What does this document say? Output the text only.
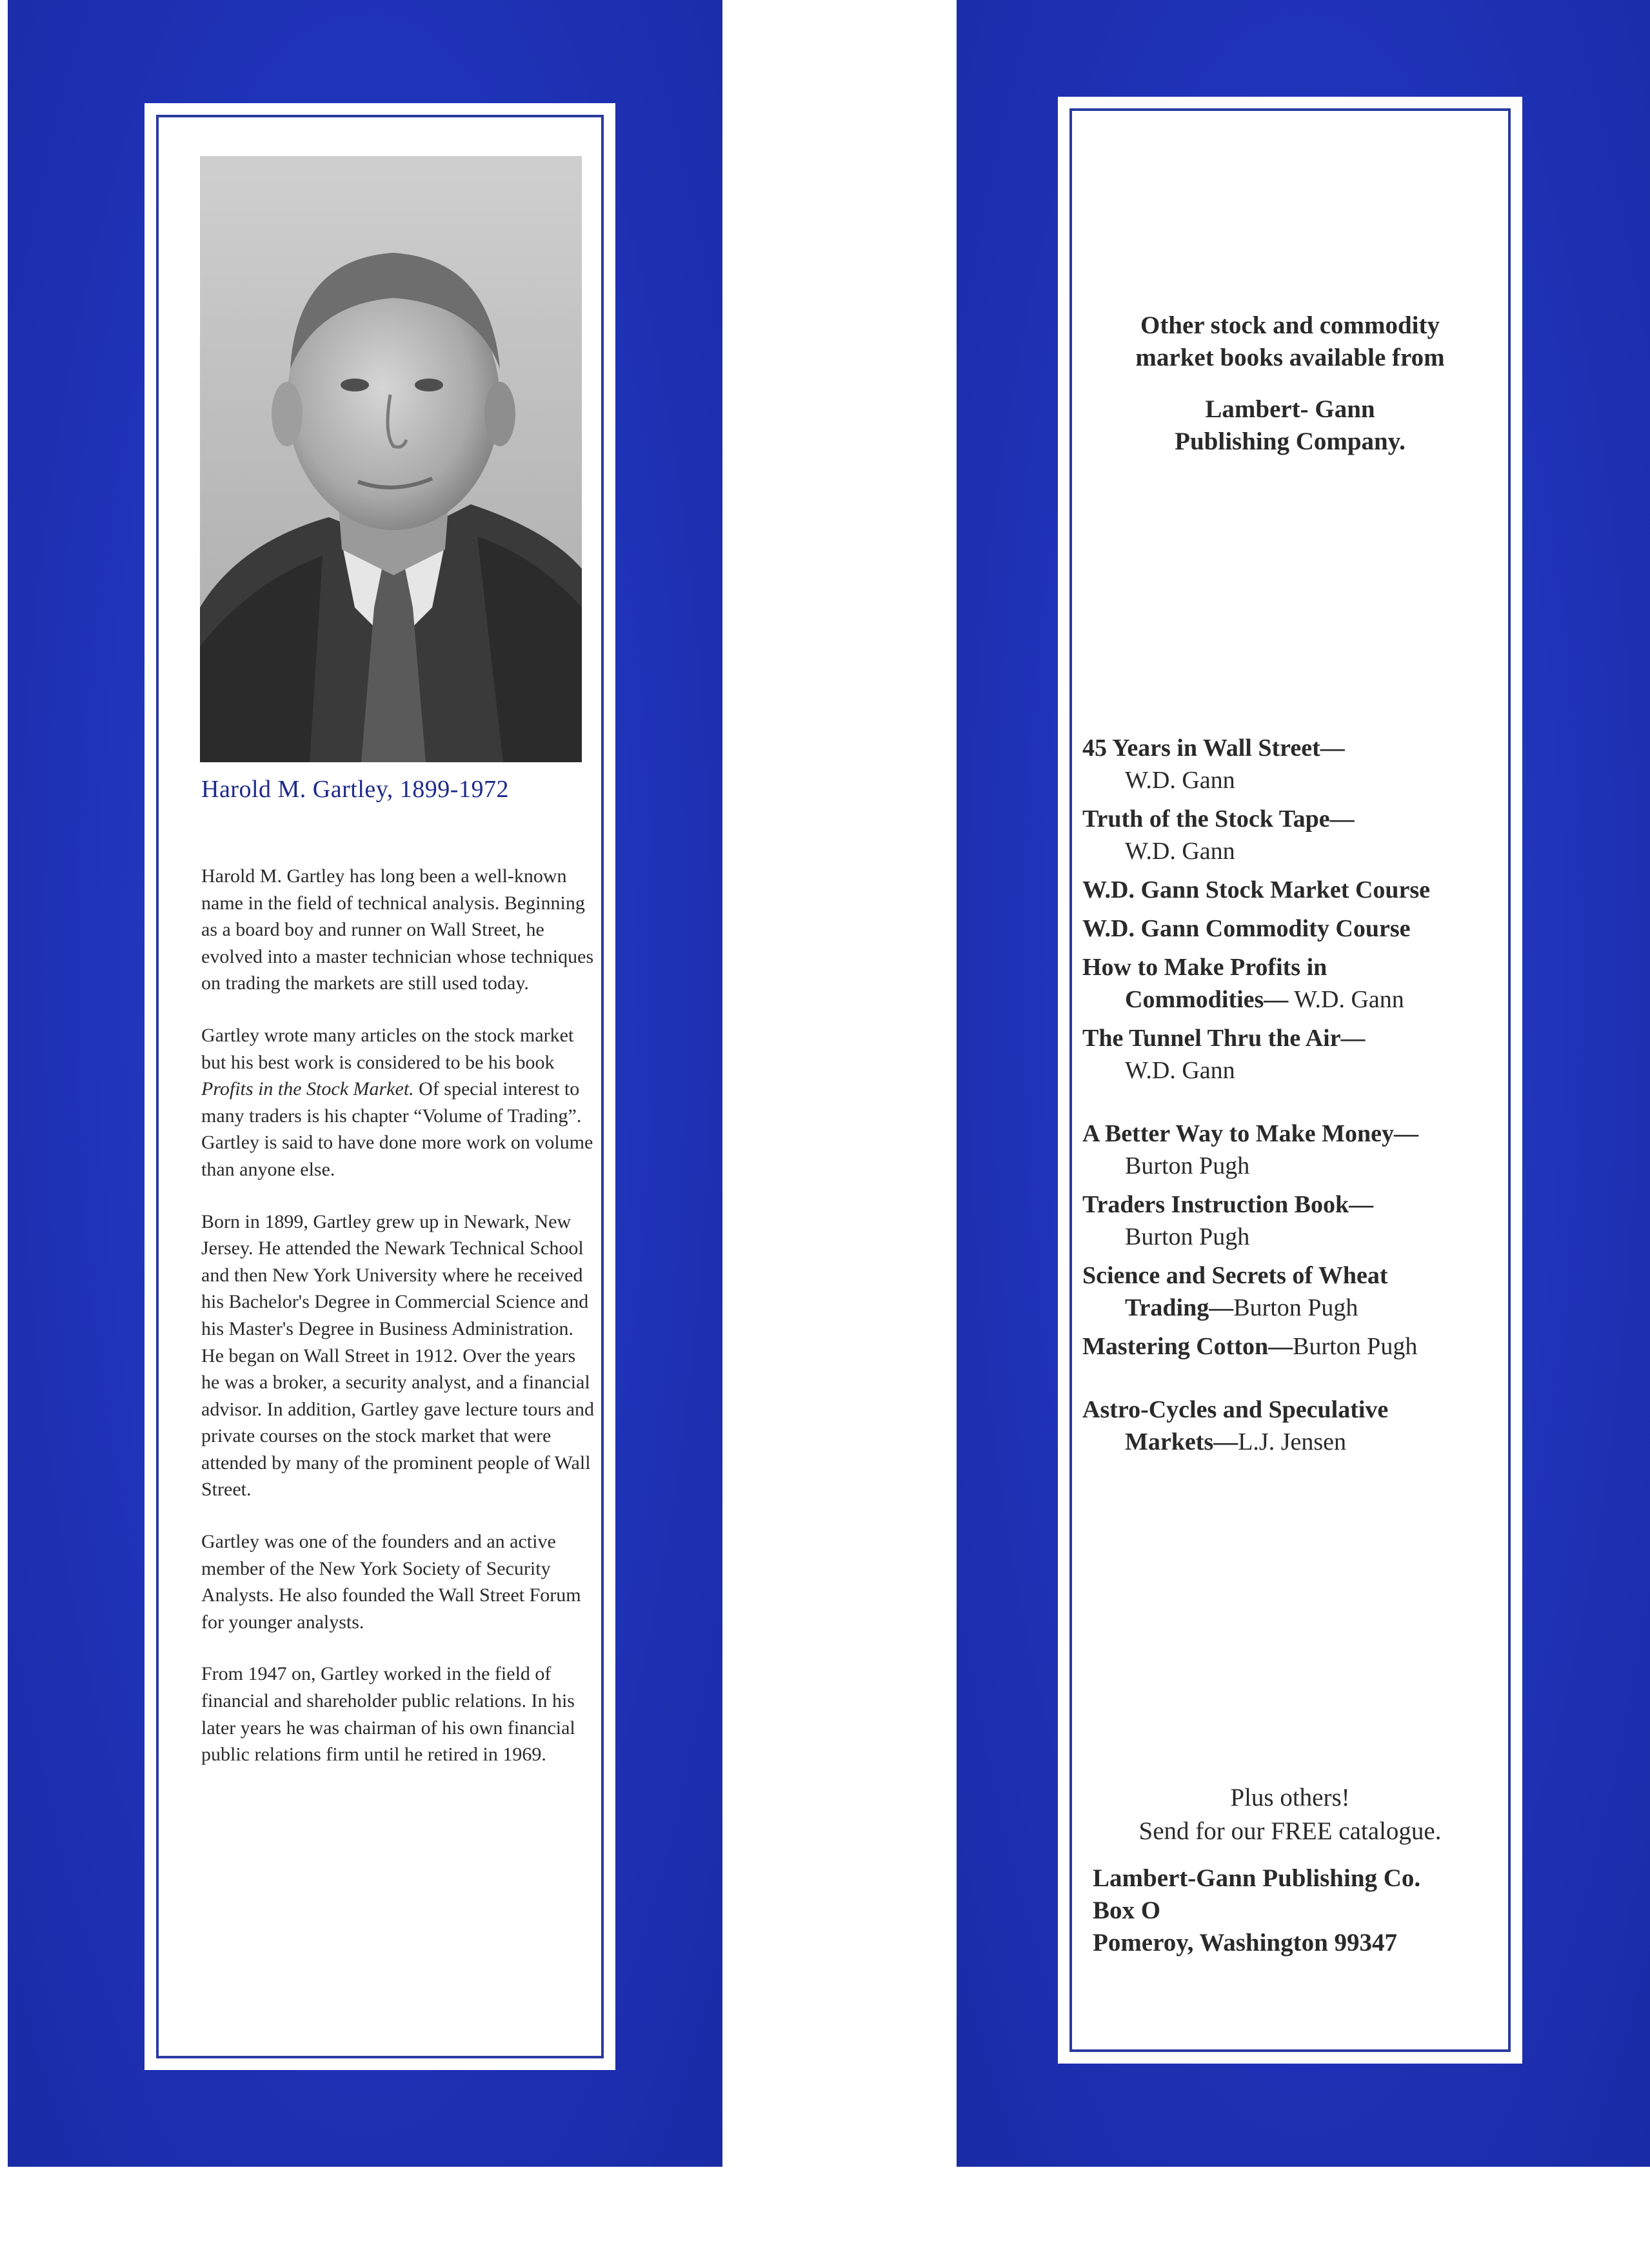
Harold M. Gartley, 1899-1972

Harold M. Gartley has long been a well-known name in the field of technical analysis. Beginning as a board boy and runner on Wall Street, he evolved into a master technician whose techniques on trading the markets are still used today.

Gartley wrote many articles on the stock market but his best work is considered to be his book Profits in the Stock Market. Of special interest to many traders is his chapter “Volume of Trading”. Gartley is said to have done more work on volume than anyone else.

Born in 1899, Gartley grew up in Newark, New Jersey. He attended the Newark Technical School and then New York University where he received his Bachelor's Degree in Commercial Science and his Master's Degree in Business Administration. He began on Wall Street in 1912. Over the years he was a broker, a security analyst, and a financial advisor. In addition, Gartley gave lecture tours and private courses on the stock market that were attended by many of the prominent people of Wall Street.

Gartley was one of the founders and an active member of the New York Society of Security Analysts. He also founded the Wall Street Forum for younger analysts.

From 1947 on, Gartley worked in the field of financial and shareholder public relations. In his later years he was chairman of his own financial public relations firm until he retired in 1969.

Other stock and commodity
market books available from
Lambert- Gann
Publishing Company.
45 Years in Wall Street—
W.D. Gann
Truth of the Stock Tape—
W.D. Gann
W.D. Gann Stock Market Course
W.D. Gann Commodity Course
How to Make Profits in
Commodities— W.D. Gann
The Tunnel Thru the Air—
W.D. Gann
A Better Way to Make Money—
Burton Pugh
Traders Instruction Book—
Burton Pugh
Science and Secrets of Wheat
Trading—Burton Pugh
Mastering Cotton—Burton Pugh
Astro-Cycles and Speculative
Markets—L.J. Jensen
Plus others!
Send for our FREE catalogue.
Lambert-Gann Publishing Co.
Box O
Pomeroy, Washington 99347
